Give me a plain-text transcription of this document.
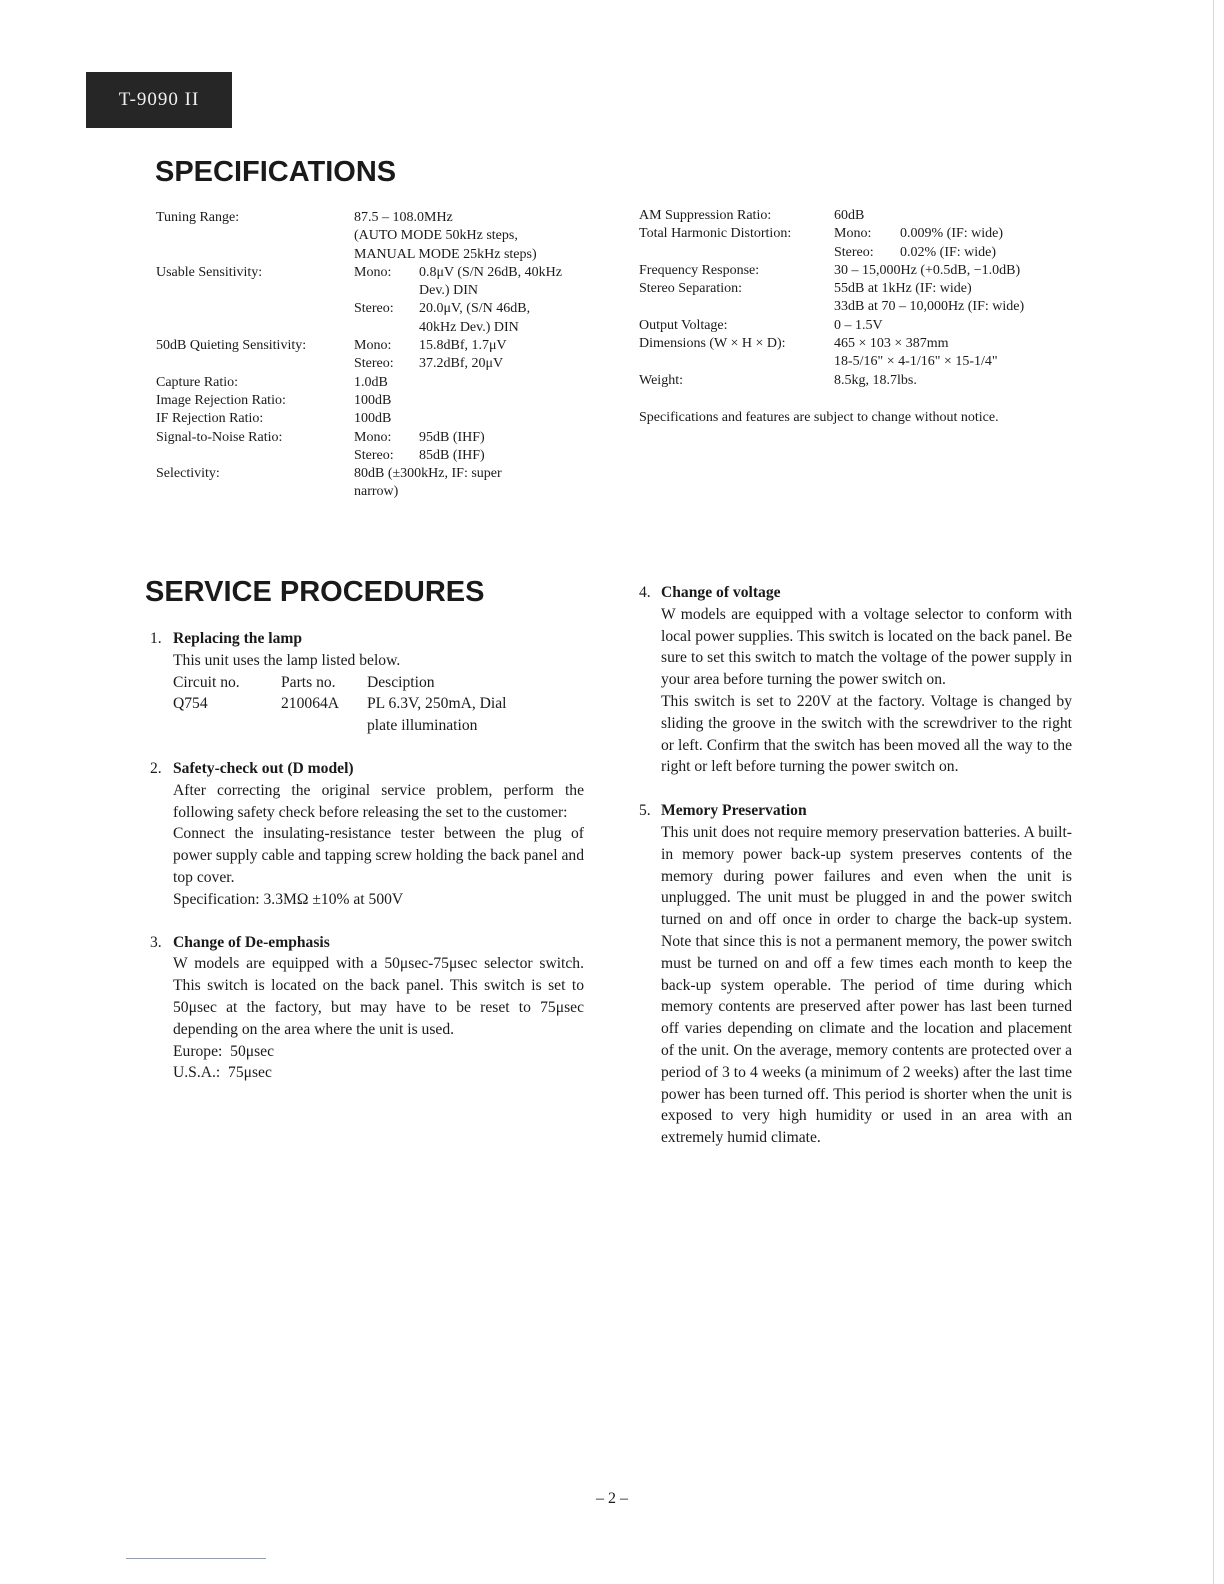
T-9090 II
SPECIFICATIONS
Tuning Range:	87.5 – 108.0MHz
(AUTO MODE 50kHz steps,
MANUAL MODE 25kHz steps)
Usable Sensitivity:	Mono: 0.8μV (S/N 26dB, 40kHz
Dev.) DIN
Stereo: 20.0μV, (S/N 46dB,
40kHz Dev.) DIN
50dB Quieting Sensitivity:	Mono: 15.8dBf, 1.7μV
Stereo: 37.2dBf, 20μV
Capture Ratio:	1.0dB
Image Rejection Ratio:	100dB
IF Rejection Ratio:	100dB
Signal-to-Noise Ratio:	Mono: 95dB (IHF)
Stereo: 85dB (IHF)
Selectivity:	80dB (±300kHz, IF: super
narrow)
AM Suppression Ratio:	60dB
Total Harmonic Distortion:	Mono: 0.009% (IF: wide)
Stereo: 0.02% (IF: wide)
Frequency Response:	30 – 15,000Hz (+0.5dB, −1.0dB)
Stereo Separation:	55dB at 1kHz (IF: wide)
33dB at 70 – 10,000Hz (IF: wide)
Output Voltage:	0 – 1.5V
Dimensions (W × H × D):	465 × 103 × 387mm
18-5/16" × 4-1/16" × 15-1/4"
Weight:	8.5kg, 18.7lbs.
Specifications and features are subject to change without notice.
SERVICE PROCEDURES
1. Replacing the lamp
This unit uses the lamp listed below.
Circuit no.	Parts no.	Desciption
Q754	210064A	PL 6.3V, 250mA, Dial
		plate illumination
2. Safety-check out (D model)

After correcting the original service problem, perform the following safety check before releasing the set to the customer:

Connect the insulating-resistance tester between the plug of power supply cable and tapping screw holding the back panel and top cover.

Specification: 3.3MΩ ±10% at 500V

3. Change of De-emphasis

W models are equipped with a 50μsec-75μsec selector switch. This switch is located on the back panel. This switch is set to 50μsec at the factory, but may have to be reset to 75μsec depending on the area where the unit is used.

Europe:  50μsec

U.S.A.:  75μsec

4. Change of voltage

W models are equipped with a voltage selector to conform with local power supplies. This switch is located on the back panel. Be sure to set this switch to match the voltage of the power supply in your area before turning the power switch on.

This switch is set to 220V at the factory. Voltage is changed by sliding the groove in the switch with the screwdriver to the right or left. Confirm that the switch has been moved all the way to the right or left before turning the power switch on.

5. Memory Preservation

This unit does not require memory preservation batteries. A built-in memory power back-up system preserves contents of the memory during power failures and even when the unit is unplugged. The unit must be plugged in and the power switch turned on and off once in order to charge the back-up system. Note that since this is not a permanent memory, the power switch must be turned on and off a few times each month to keep the back-up system operable. The period of time during which memory contents are preserved after power has last been turned off varies depending on climate and the location and placement of the unit. On the average, memory contents are protected over a period of 3 to 4 weeks (a minimum of 2 weeks) after the last time power has been turned off. This period is shorter when the unit is exposed to very high humidity or used in an area with an extremely humid climate.

– 2 –
